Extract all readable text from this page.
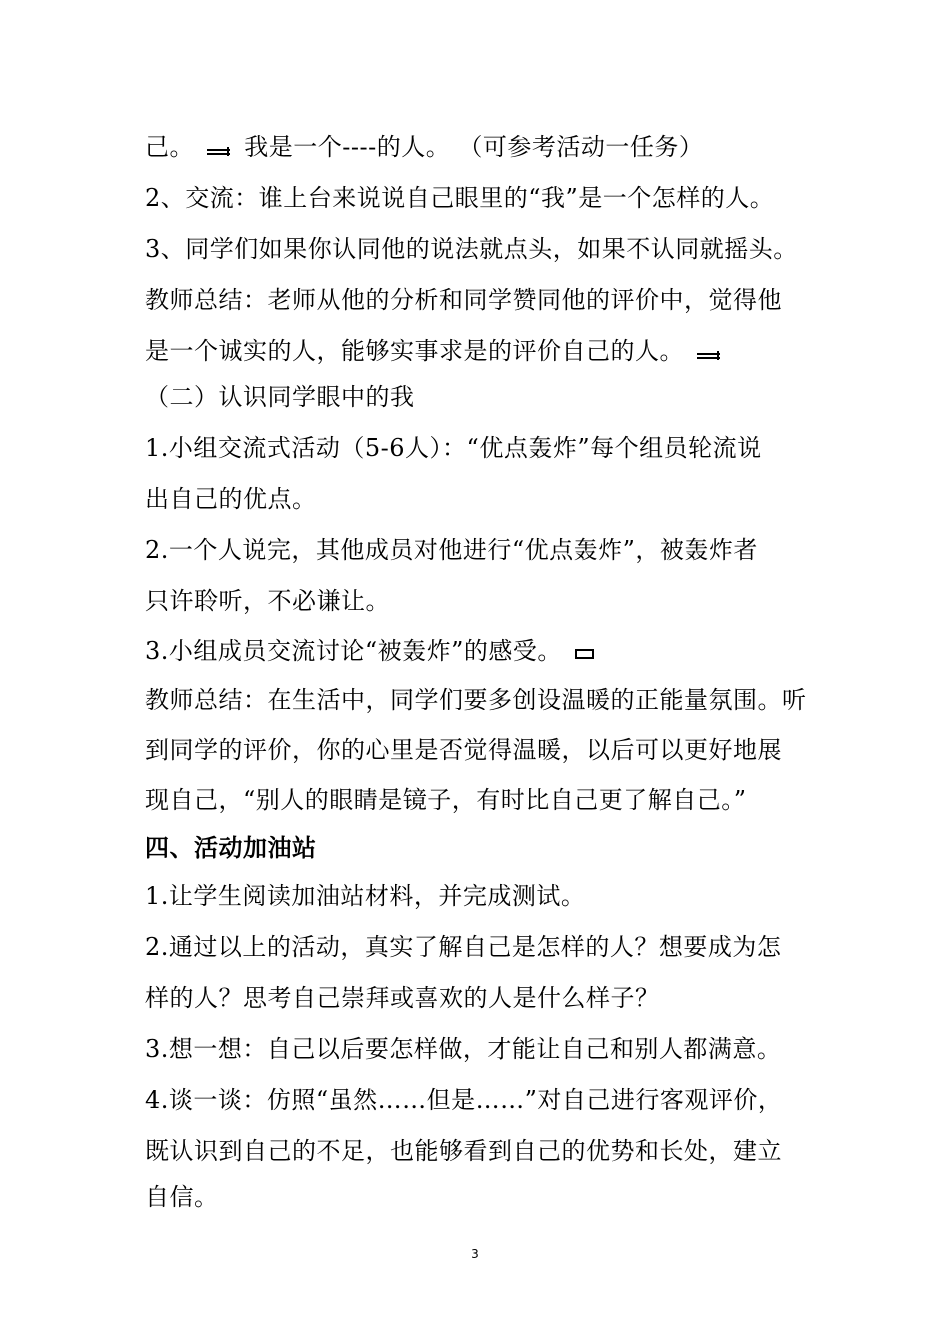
己。 我是一个----的人。 （可参考活动一任务）
2、交流：谁上台来说说自己眼里的“我”是一个怎样的人。
3、同学们如果你认同他的说法就点头，如果不认同就摇头。
教师总结：老师从他的分析和同学赞同他的评价中，觉得他
是一个诚实的人，能够实事求是的评价自己的人。
（二）认识同学眼中的我
1.小组交流式活动（5-6人）：“优点轰炸”每个组员轮流说
出自己的优点。
2.一个人说完，其他成员对他进行“优点轰炸”，被轰炸者
只许聆听，不必谦让。
3.小组成员交流讨论“被轰炸”的感受。
教师总结：在生活中，同学们要多创设温暖的正能量氛围。听
到同学的评价，你的心里是否觉得温暖，以后可以更好地展
现自己，“别人的眼睛是镜子，有时比自己更了解自己。”
四、活动加油站
1.让学生阅读加油站材料，并完成测试。
2.通过以上的活动，真实了解自己是怎样的人？想要成为怎
样的人？思考自己崇拜或喜欢的人是什么样子？
3.想一想：自己以后要怎样做，才能让自己和别人都满意。
4.谈一谈：仿照“虽然……但是……”对自己进行客观评价，
既认识到自己的不足，也能够看到自己的优势和长处，建立
自信。
3
